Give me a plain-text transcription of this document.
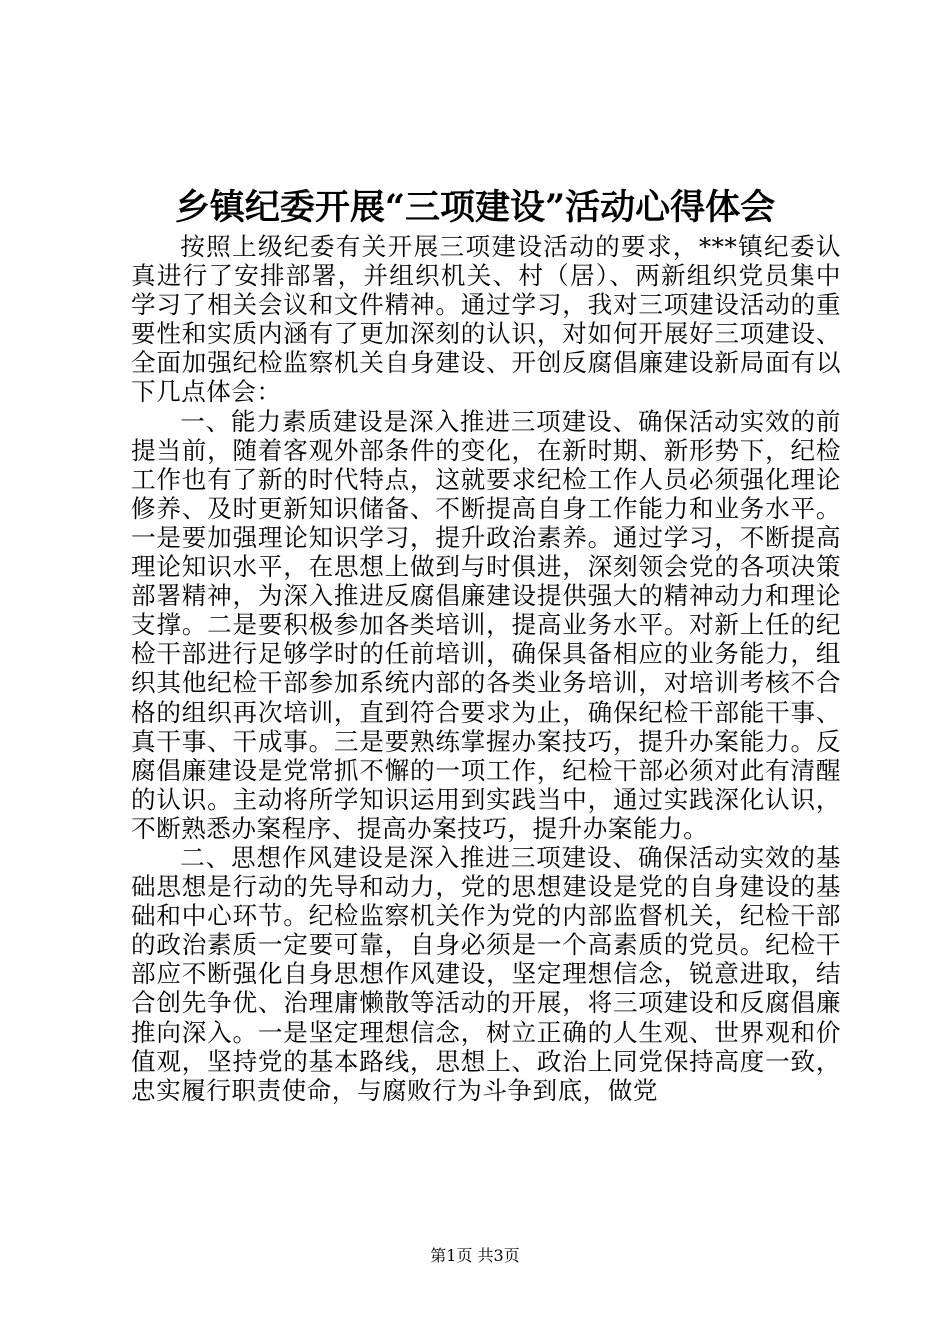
乡镇纪委开展“三项建设”活动心得体会

按照上级纪委有关开展三项建设活动的要求，***镇纪委认真进行了安排部署，并组织机关、村（居）、两新组织党员集中学习了相关会议和文件精神。通过学习，我对三项建设活动的重要性和实质内涵有了更加深刻的认识，对如何开展好三项建设、全面加强纪检监察机关自身建设、开创反腐倡廉建设新局面有以下几点体会：

一、能力素质建设是深入推进三项建设、确保活动实效的前提当前，随着客观外部条件的变化，在新时期、新形势下，纪检工作也有了新的时代特点，这就要求纪检工作人员必须强化理论修养、及时更新知识储备、不断提高自身工作能力和业务水平。一是要加强理论知识学习，提升政治素养。通过学习，不断提高理论知识水平，在思想上做到与时俱进，深刻领会党的各项决策部署精神，为深入推进反腐倡廉建设提供强大的精神动力和理论支撑。二是要积极参加各类培训，提高业务水平。对新上任的纪检干部进行足够学时的任前培训，确保具备相应的业务能力，组织其他纪检干部参加系统内部的各类业务培训，对培训考核不合格的组织再次培训，直到符合要求为止，确保纪检干部能干事、真干事、干成事。三是要熟练掌握办案技巧，提升办案能力。反腐倡廉建设是党常抓不懈的一项工作，纪检干部必须对此有清醒的认识。主动将所学知识运用到实践当中，通过实践深化认识，不断熟悉办案程序、提高办案技巧，提升办案能力。

二、思想作风建设是深入推进三项建设、确保活动实效的基础思想是行动的先导和动力，党的思想建设是党的自身建设的基础和中心环节。纪检监察机关作为党的内部监督机关，纪检干部的政治素质一定要可靠，自身必须是一个高素质的党员。纪检干部应不断强化自身思想作风建设，坚定理想信念，锐意进取，结合创先争优、治理庸懒散等活动的开展，将三项建设和反腐倡廉推向深入。一是坚定理想信念，树立正确的人生观、世界观和价值观，坚持党的基本路线，思想上、政治上同党保持高度一致，忠实履行职责使命，与腐败行为斗争到底，做党

第1页 共3页
